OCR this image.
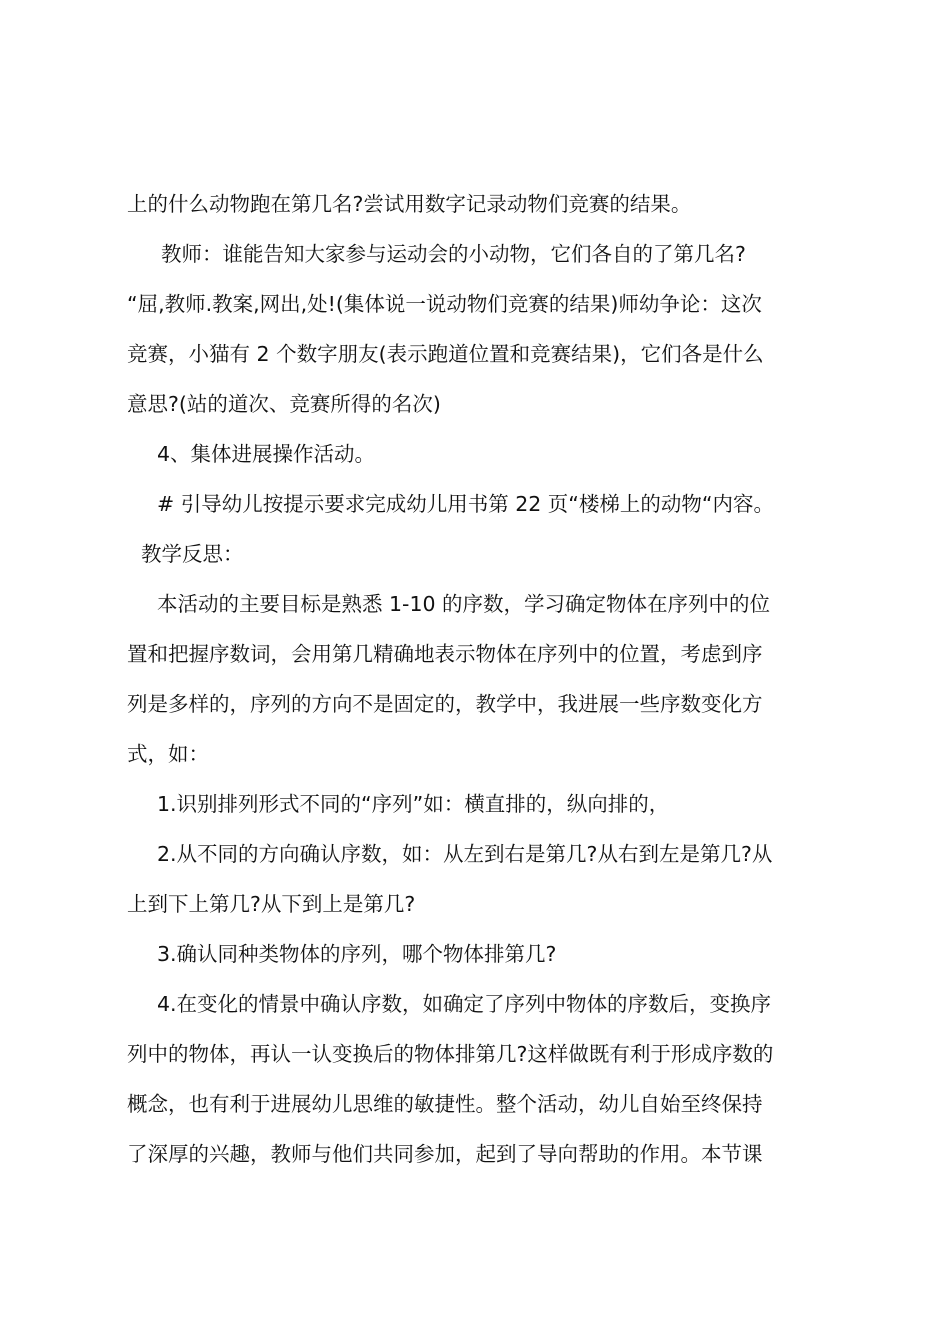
上的什么动物跑在第几名?尝试用数字记录动物们竞赛的结果。
教师：谁能告知大家参与运动会的小动物，它们各自的了第几名?
“屈,教师.教案,网出,处!(集体说一说动物们竞赛的结果)师幼争论：这次
竞赛，小猫有 2 个数字朋友(表示跑道位置和竞赛结果)，它们各是什么
意思?(站的道次、竞赛所得的名次)
4、集体进展操作活动。
# 引导幼儿按提示要求完成幼儿用书第 22 页“楼梯上的动物“内容。
教学反思：
本活动的主要目标是熟悉 1-10 的序数，学习确定物体在序列中的位
置和把握序数词，会用第几精确地表示物体在序列中的位置，考虑到序
列是多样的，序列的方向不是固定的，教学中，我进展一些序数变化方
式，如：
1.识别排列形式不同的“序列”如：横直排的，纵向排的，
2.从不同的方向确认序数，如：从左到右是第几?从右到左是第几?从
上到下上第几?从下到上是第几?
3.确认同种类物体的序列，哪个物体排第几?
4.在变化的情景中确认序数，如确定了序列中物体的序数后，变换序
列中的物体，再认一认变换后的物体排第几?这样做既有利于形成序数的
概念，也有利于进展幼儿思维的敏捷性。整个活动，幼儿自始至终保持
了深厚的兴趣，教师与他们共同参加，起到了导向帮助的作用。本节课
